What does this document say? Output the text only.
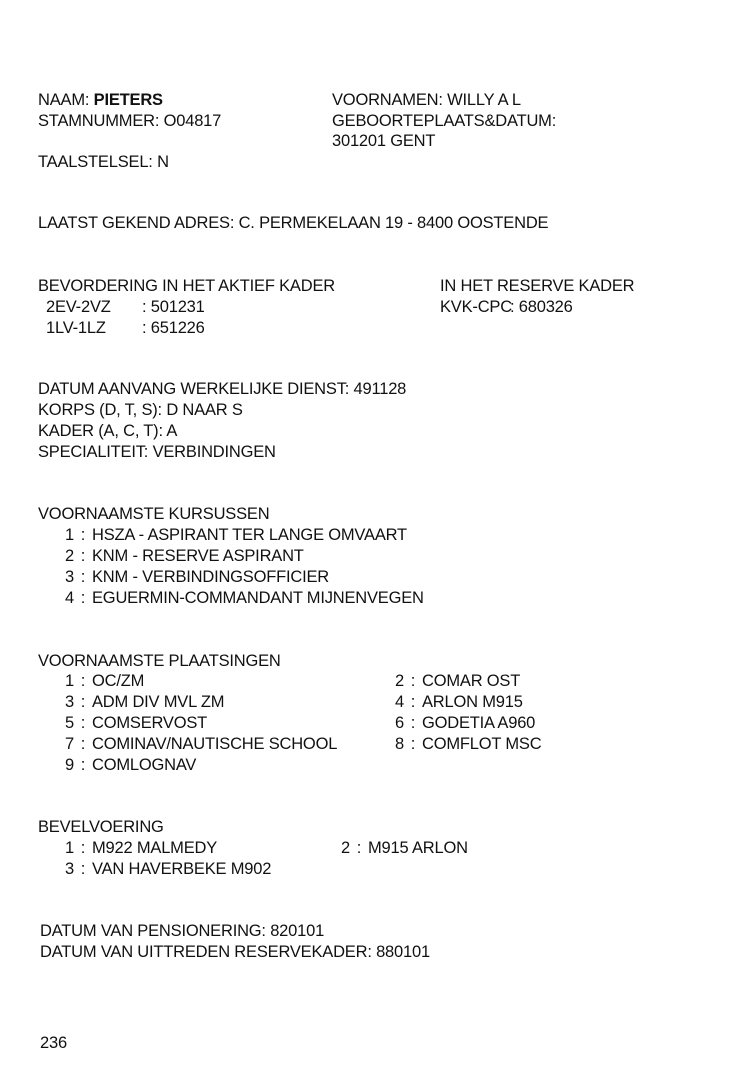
NAAM: PIETERS
STAMNUMMER: O04817
TAALSTELSEL: N
VOORNAMEN: WILLY A L
GEBOORTEPLAATS&DATUM:
301201 GENT
LAATST GEKEND ADRES: C. PERMEKELAAN 19 - 8400 OOSTENDE
BEVORDERING IN HET AKTIEF KADER
2EV-2VZ : 501231
1LV-1LZ : 651226
IN HET RESERVE KADER
KVK-CPC: 680326
DATUM AANVANG WERKELIJKE DIENST: 491128
KORPS (D, T, S): D NAAR S
KADER (A, C, T): A
SPECIALITEIT: VERBINDINGEN
VOORNAAMSTE KURSUSSEN
1 : HSZA - ASPIRANT TER LANGE OMVAART
2 : KNM - RESERVE ASPIRANT
3 : KNM - VERBINDINGSOFFICIER
4 : EGUERMIN-COMMANDANT MIJNENVEGEN
VOORNAAMSTE PLAATSINGEN
1 : OC/ZM
3 : ADM DIV MVL ZM
5 : COMSERVOST
7 : COMINAV/NAUTISCHE SCHOOL
9 : COMLOGNAV
2 : COMAR OST
4 : ARLON M915
6 : GODETIA A960
8 : COMFLOT MSC
BEVELVOERING
1 : M922 MALMEDY
3 : VAN HAVERBEKE M902
2 : M915 ARLON
DATUM VAN PENSIONERING: 820101
DATUM VAN UITTREDEN RESERVEKADER: 880101
236
